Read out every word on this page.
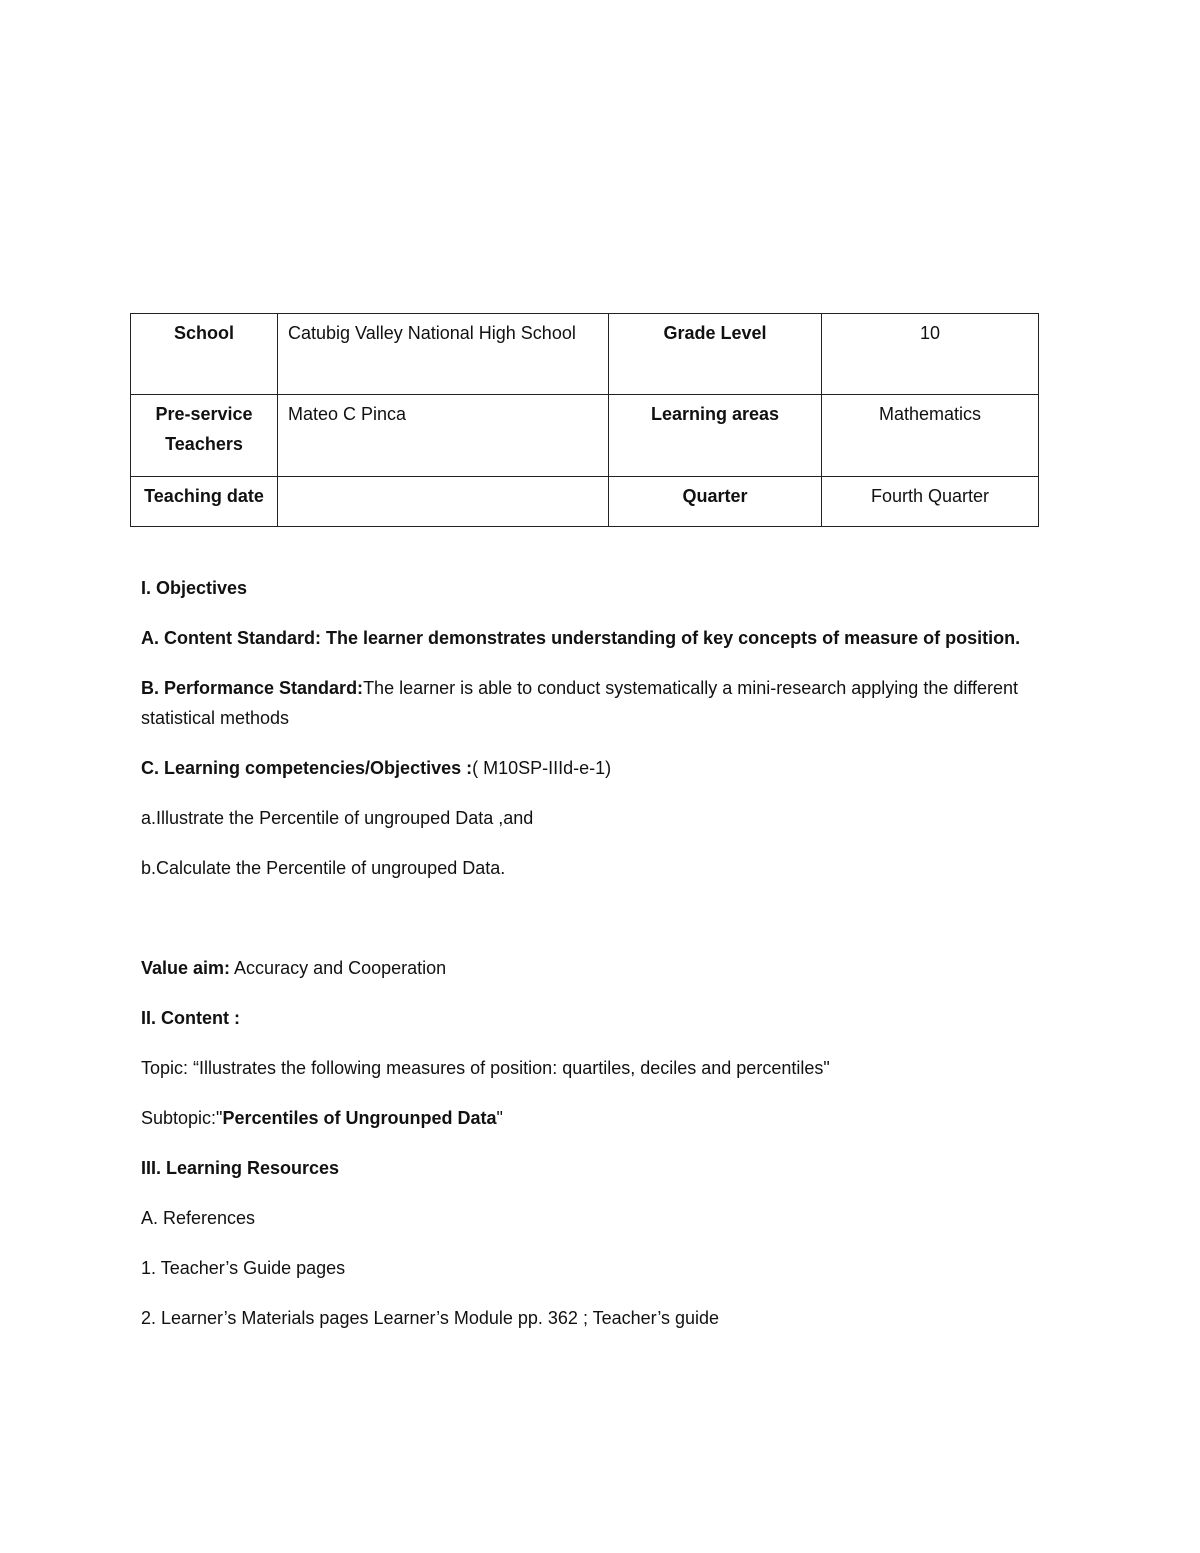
School	Catubig Valley National High School	Grade Level	10
Pre-service Teachers	Mateo C Pinca	Learning areas	Mathematics
Teaching date		Quarter	Fourth Quarter

I. Objectives

A. Content Standard: The learner demonstrates understanding of key concepts of measure of position.

B. Performance Standard:The learner is able to conduct systematically a mini-research applying the different statistical methods

C. Learning competencies/Objectives :( M10SP-IIId-e-1)

a.Illustrate the Percentile of ungrouped Data ,and

b.Calculate the Percentile of ungrouped Data.

Value aim: Accuracy and Cooperation

II. Content :

Topic: “Illustrates the following measures of position: quartiles, deciles and percentiles"

Subtopic:"Percentiles of Ungrounped Data"

III. Learning Resources

A. References

1. Teacher’s Guide pages

2. Learner’s Materials pages Learner’s Module pp. 362 ; Teacher’s guide
